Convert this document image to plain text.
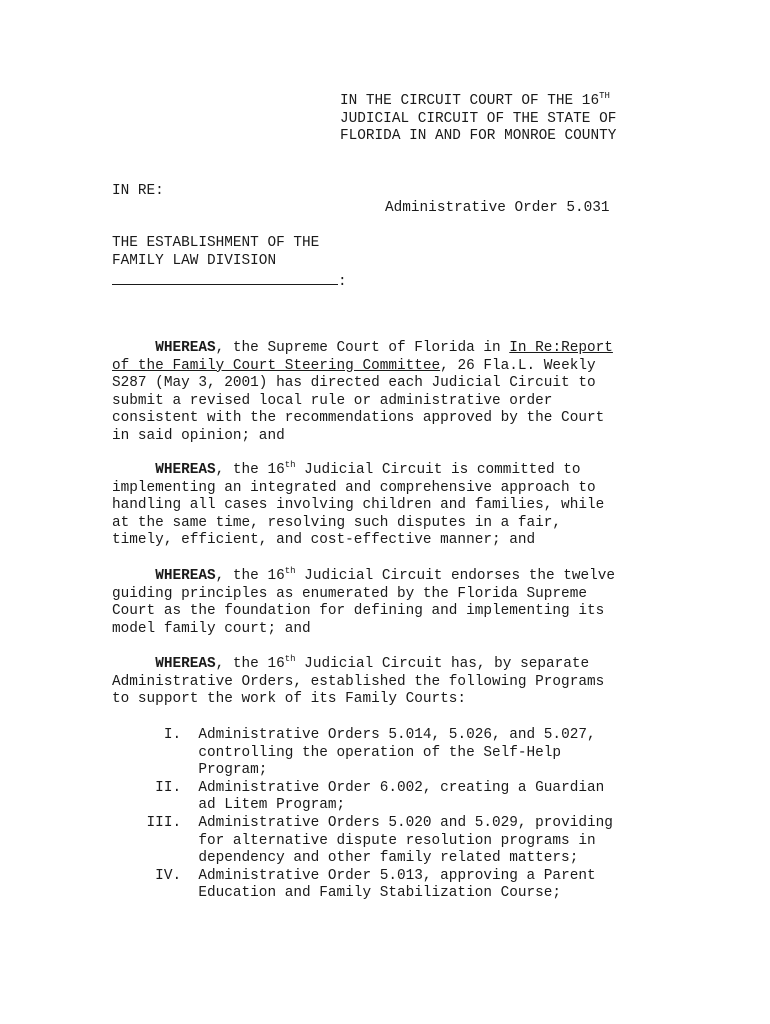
IN THE CIRCUIT COURT OF THE 16TH
JUDICIAL CIRCUIT OF THE STATE OF
FLORIDA IN AND FOR MONROE COUNTY
IN RE:
Administrative Order 5.031
THE ESTABLISHMENT OF THE
FAMILY LAW DIVISION
:
WHEREAS, the Supreme Court of Florida in In Re:Report
of the Family Court Steering Committee, 26 Fla.L. Weekly
S287 (May 3, 2001) has directed each Judicial Circuit to
submit a revised local rule or administrative order
consistent with the recommendations approved by the Court
in said opinion; and
WHEREAS, the 16th Judicial Circuit is committed to
implementing an integrated and comprehensive approach to
handling all cases involving children and families, while
at the same time, resolving such disputes in a fair,
timely, efficient, and cost-effective manner; and
WHEREAS, the 16th Judicial Circuit endorses the twelve
guiding principles as enumerated by the Florida Supreme
Court as the foundation for defining and implementing its
model family court; and
WHEREAS, the 16th Judicial Circuit has, by separate
Administrative Orders, established the following Programs
to support the work of its Family Courts:
I.  Administrative Orders 5.014, 5.026, and 5.027,
controlling the operation of the Self-Help
Program;
II.  Administrative Order 6.002, creating a Guardian
ad Litem Program;
III.  Administrative Orders 5.020 and 5.029, providing
for alternative dispute resolution programs in
dependency and other family related matters;
IV.  Administrative Order 5.013, approving a Parent
Education and Family Stabilization Course;
